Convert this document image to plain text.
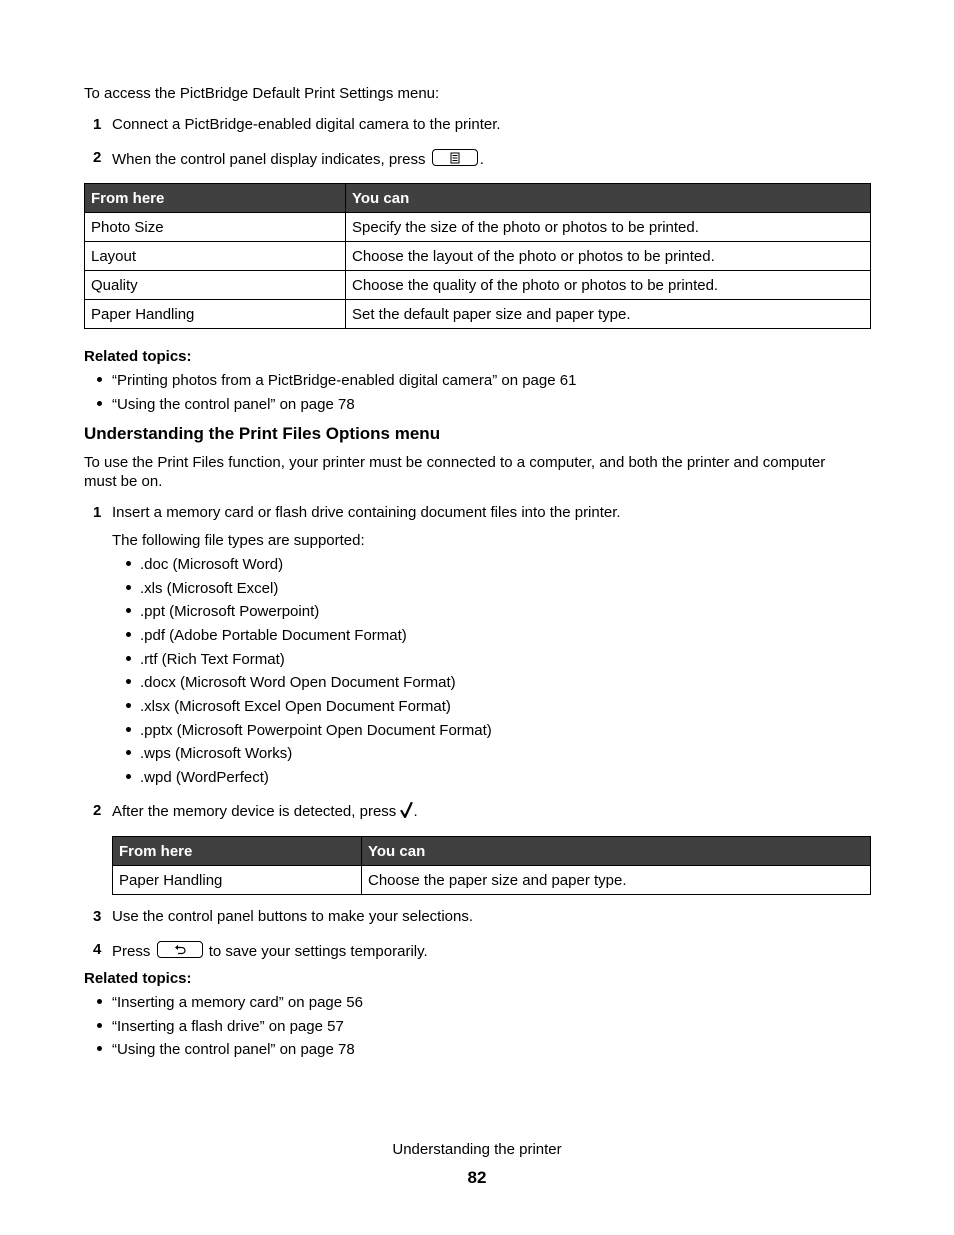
To access the PictBridge Default Print Settings menu:
1 Connect a PictBridge-enabled digital camera to the printer.
2 When the control panel display indicates, press	.
From here	You can
Photo Size	Specify the size of the photo or photos to be printed.
Layout	Choose the layout of the photo or photos to be printed.
Quality	Choose the quality of the photo or photos to be printed.
Paper Handling	Set the default paper size and paper type.
Related topics:
“Printing photos from a PictBridge-enabled digital camera” on page 61
“Using the control panel” on page 78
Understanding the Print Files Options menu
To use the Print Files function, your printer must be connected to a computer, and both the printer and computer
must be on.
1 Insert a memory card or flash drive containing document files into the printer.
The following file types are supported:
.doc (Microsoft Word)
.xls (Microsoft Excel)
.ppt (Microsoft Powerpoint)
.pdf (Adobe Portable Document Format)
.rtf (Rich Text Format)
.docx (Microsoft Word Open Document Format)
.xlsx (Microsoft Excel Open Document Format)
.pptx (Microsoft Powerpoint Open Document Format)
.wps (Microsoft Works)
.wpd (WordPerfect)
2 After the memory device is detected, press .
From here	You can
Paper Handling	Choose the paper size and paper type.
3 Use the control panel buttons to make your selections.
4 Press	to save your settings temporarily.
Related topics:
“Inserting a memory card” on page 56
“Inserting a flash drive” on page 57
“Using the control panel” on page 78
Understanding the printer
82
